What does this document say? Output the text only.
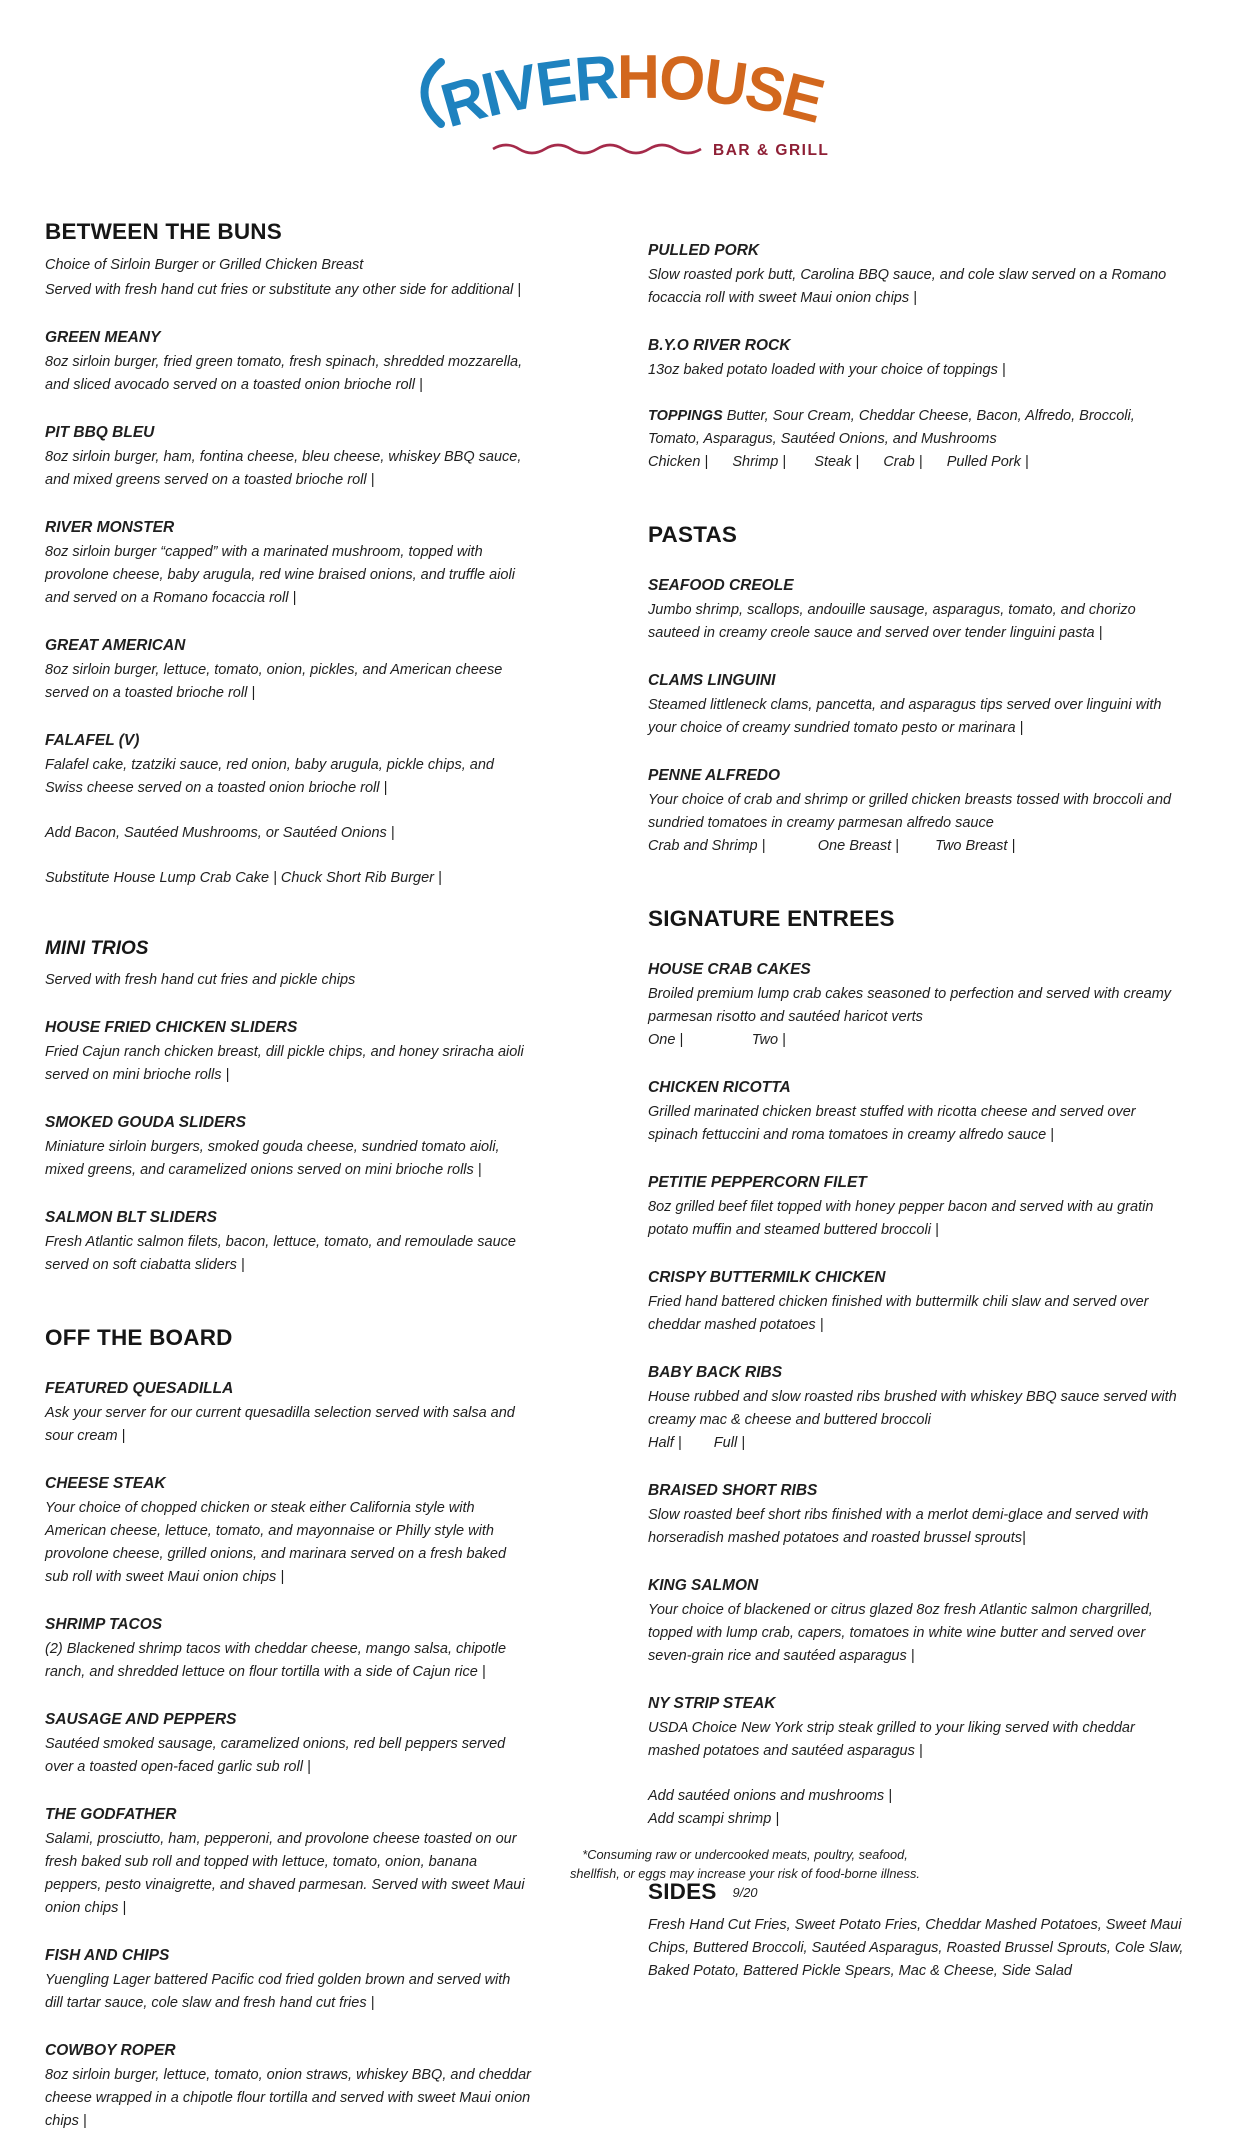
RIVERHOUSE
BAR & GRILL
BETWEEN THE BUNS
Choice of Sirloin Burger or Grilled Chicken Breast
Served with fresh hand cut fries or substitute any other side for additional |
GREEN MEANY
8oz sirloin burger, fried green tomato, fresh spinach, shredded mozzarella, and sliced avocado served on a toasted onion brioche roll |
PIT BBQ BLEU
8oz sirloin burger, ham, fontina cheese, bleu cheese, whiskey BBQ sauce, and mixed greens served on a toasted brioche roll |
RIVER MONSTER
8oz sirloin burger “capped” with a marinated mushroom, topped with provolone cheese, baby arugula, red wine braised onions, and truffle aioli and served on a Romano focaccia roll |
GREAT AMERICAN
8oz sirloin burger, lettuce, tomato, onion, pickles, and American cheese served on a toasted brioche roll |
FALAFEL (V)
Falafel cake, tzatziki sauce, red onion, baby arugula, pickle chips, and Swiss cheese served on a toasted onion brioche roll |
Add Bacon, Sautéed Mushrooms, or Sautéed Onions |
Substitute House Lump Crab Cake | Chuck Short Rib Burger |
MINI TRIOS
Served with fresh hand cut fries and pickle chips
HOUSE FRIED CHICKEN SLIDERS
Fried Cajun ranch chicken breast, dill pickle chips, and honey sriracha aioli served on mini brioche rolls |
SMOKED GOUDA SLIDERS
Miniature sirloin burgers, smoked gouda cheese, sundried tomato aioli, mixed greens, and caramelized onions served on mini brioche rolls |
SALMON BLT SLIDERS
Fresh Atlantic salmon filets, bacon, lettuce, tomato, and remoulade sauce served on soft ciabatta sliders |
OFF THE BOARD
FEATURED QUESADILLA
Ask your server for our current quesadilla selection served with salsa and sour cream |
CHEESE STEAK
Your choice of chopped chicken or steak either California style with American cheese, lettuce, tomato, and mayonnaise or Philly style with provolone cheese, grilled onions, and marinara served on a fresh baked sub roll with sweet Maui onion chips |
SHRIMP TACOS
(2) Blackened shrimp tacos with cheddar cheese, mango salsa, chipotle ranch, and shredded lettuce on flour tortilla with a side of Cajun rice |
SAUSAGE AND PEPPERS
Sautéed smoked sausage, caramelized onions, red bell peppers served over a toasted open-faced garlic sub roll |
THE GODFATHER
Salami, prosciutto, ham, pepperoni, and provolone cheese toasted on our fresh baked sub roll and topped with lettuce, tomato, onion, banana peppers, pesto vinaigrette, and shaved parmesan. Served with sweet Maui onion chips |
FISH AND CHIPS
Yuengling Lager battered Pacific cod fried golden brown and served with dill tartar sauce, cole slaw and fresh hand cut fries |
COWBOY ROPER
8oz sirloin burger, lettuce, tomato, onion straws, whiskey BBQ, and cheddar cheese wrapped in a chipotle flour tortilla and served with sweet Maui onion chips |
PULLED PORK
Slow roasted pork butt, Carolina BBQ sauce, and cole slaw served on a Romano focaccia roll with sweet Maui onion chips |
B.Y.O RIVER ROCK
13oz baked potato loaded with your choice of toppings |
TOPPINGS Butter, Sour Cream, Cheddar Cheese, Bacon, Alfredo, Broccoli, Tomato, Asparagus, Sautéed Onions, and Mushrooms
Chicken |      Shrimp |       Steak |      Crab |      Pulled Pork |
PASTAS
SEAFOOD CREOLE
Jumbo shrimp, scallops, andouille sausage, asparagus, tomato, and chorizo sauteed in creamy creole sauce and served over tender linguini pasta |
CLAMS LINGUINI
Steamed littleneck clams, pancetta, and asparagus tips served over linguini with your choice of creamy sundried tomato pesto or marinara |
PENNE ALFREDO
Your choice of crab and shrimp or grilled chicken breasts tossed with broccoli and sundried tomatoes in creamy parmesan alfredo sauce
Crab and Shrimp |             One Breast |         Two Breast |
SIGNATURE ENTREES
HOUSE CRAB CAKES
Broiled premium lump crab cakes seasoned to perfection and served with creamy parmesan risotto and sautéed haricot verts
One |                 Two |
CHICKEN RICOTTA
Grilled marinated chicken breast stuffed with ricotta cheese and served over spinach fettuccini and roma tomatoes in creamy alfredo sauce |
PETITIE PEPPERCORN FILET
8oz grilled beef filet topped with honey pepper bacon and served with au gratin potato muffin and steamed buttered broccoli |
CRISPY BUTTERMILK CHICKEN
Fried hand battered chicken finished with buttermilk chili slaw and served over cheddar mashed potatoes |
BABY BACK RIBS
House rubbed and slow roasted ribs brushed with whiskey BBQ sauce served with creamy mac & cheese and buttered broccoli
Half |        Full |
BRAISED SHORT RIBS
Slow roasted beef short ribs finished with a merlot demi-glace and served with horseradish mashed potatoes and roasted brussel sprouts|
KING SALMON
Your choice of blackened or citrus glazed 8oz fresh Atlantic salmon chargrilled, topped with lump crab, capers, tomatoes in white wine butter and served over seven-grain rice and sautéed asparagus |
NY STRIP STEAK
USDA Choice New York strip steak grilled to your liking served with cheddar mashed potatoes and sautéed asparagus |
Add sautéed onions and mushrooms |
Add scampi shrimp |
SIDES
Fresh Hand Cut Fries, Sweet Potato Fries, Cheddar Mashed Potatoes, Sweet Maui Chips, Buttered Broccoli, Sautéed Asparagus, Roasted Brussel Sprouts, Cole Slaw, Baked Potato, Battered Pickle Spears, Mac & Cheese, Side Salad
*Consuming raw or undercooked meats, poultry, seafood,
shellfish, or eggs may increase your risk of food-borne illness.
9/20
